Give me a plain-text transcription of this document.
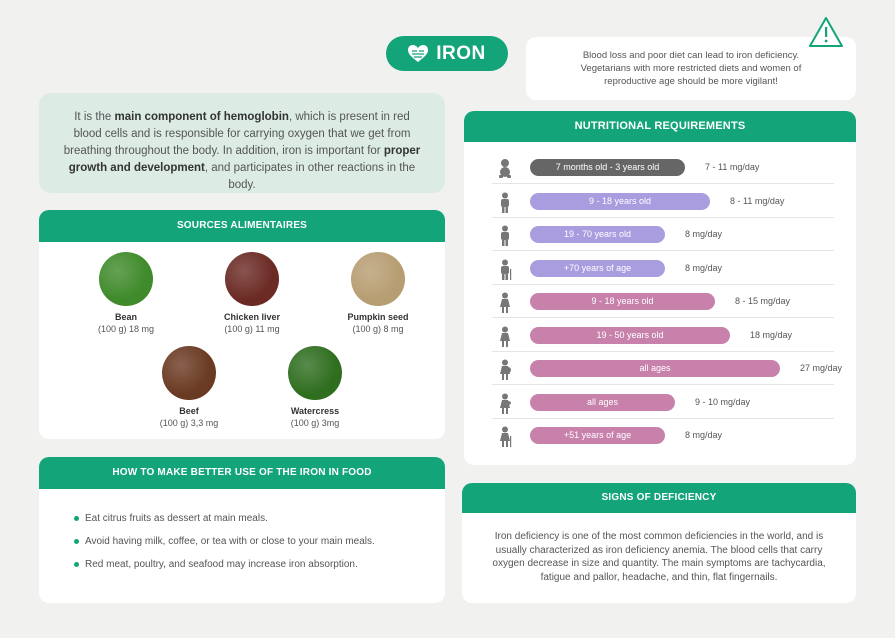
IRON	Blood loss and poor diet can lead to iron deficiency. Vegetarians with more restricted diets and women of reproductive age should be more vigilant!
It is the main component of hemoglobin, which is present in red blood cells and is responsible for carrying oxygen that we get from breathing throughout the body. In addition, iron is important for proper growth and development, and participates in other reactions in the body.
SOURCES ALIMENTAIRES
Bean
(100 g) 18 mg
Chicken liver
(100 g) 11 mg
Pumpkin seed
(100 g) 8 mg
Beef
(100 g) 3,3 mg
Watercress
(100 g) 3mg
HOW TO MAKE BETTER USE OF THE IRON IN FOOD
Eat citrus fruits as dessert at main meals.
Avoid having milk, coffee, or tea with or close to your main meals.
Red meat, poultry, and seafood may increase iron absorption.
NUTRITIONAL REQUIREMENTS
7 months old - 3 years old	7 - 11 mg/day
9 - 18 years old	8 - 11 mg/day
19 - 70 years old	8 mg/day
+70 years of age	8 mg/day
9 - 18 years old	8 - 15 mg/day
19 - 50 years old	18 mg/day
all ages	27 mg/day
all ages	9 - 10 mg/day
+51 years of age	8 mg/day
SIGNS OF DEFICIENCY
Iron deficiency is one of the most common deficiencies in the world, and is usually characterized as iron deficiency anemia. The blood cells that carry oxygen decrease in size and quantity. The main symptoms are tachycardia, fatigue and pallor, headache, and thin, flat fingernails.
